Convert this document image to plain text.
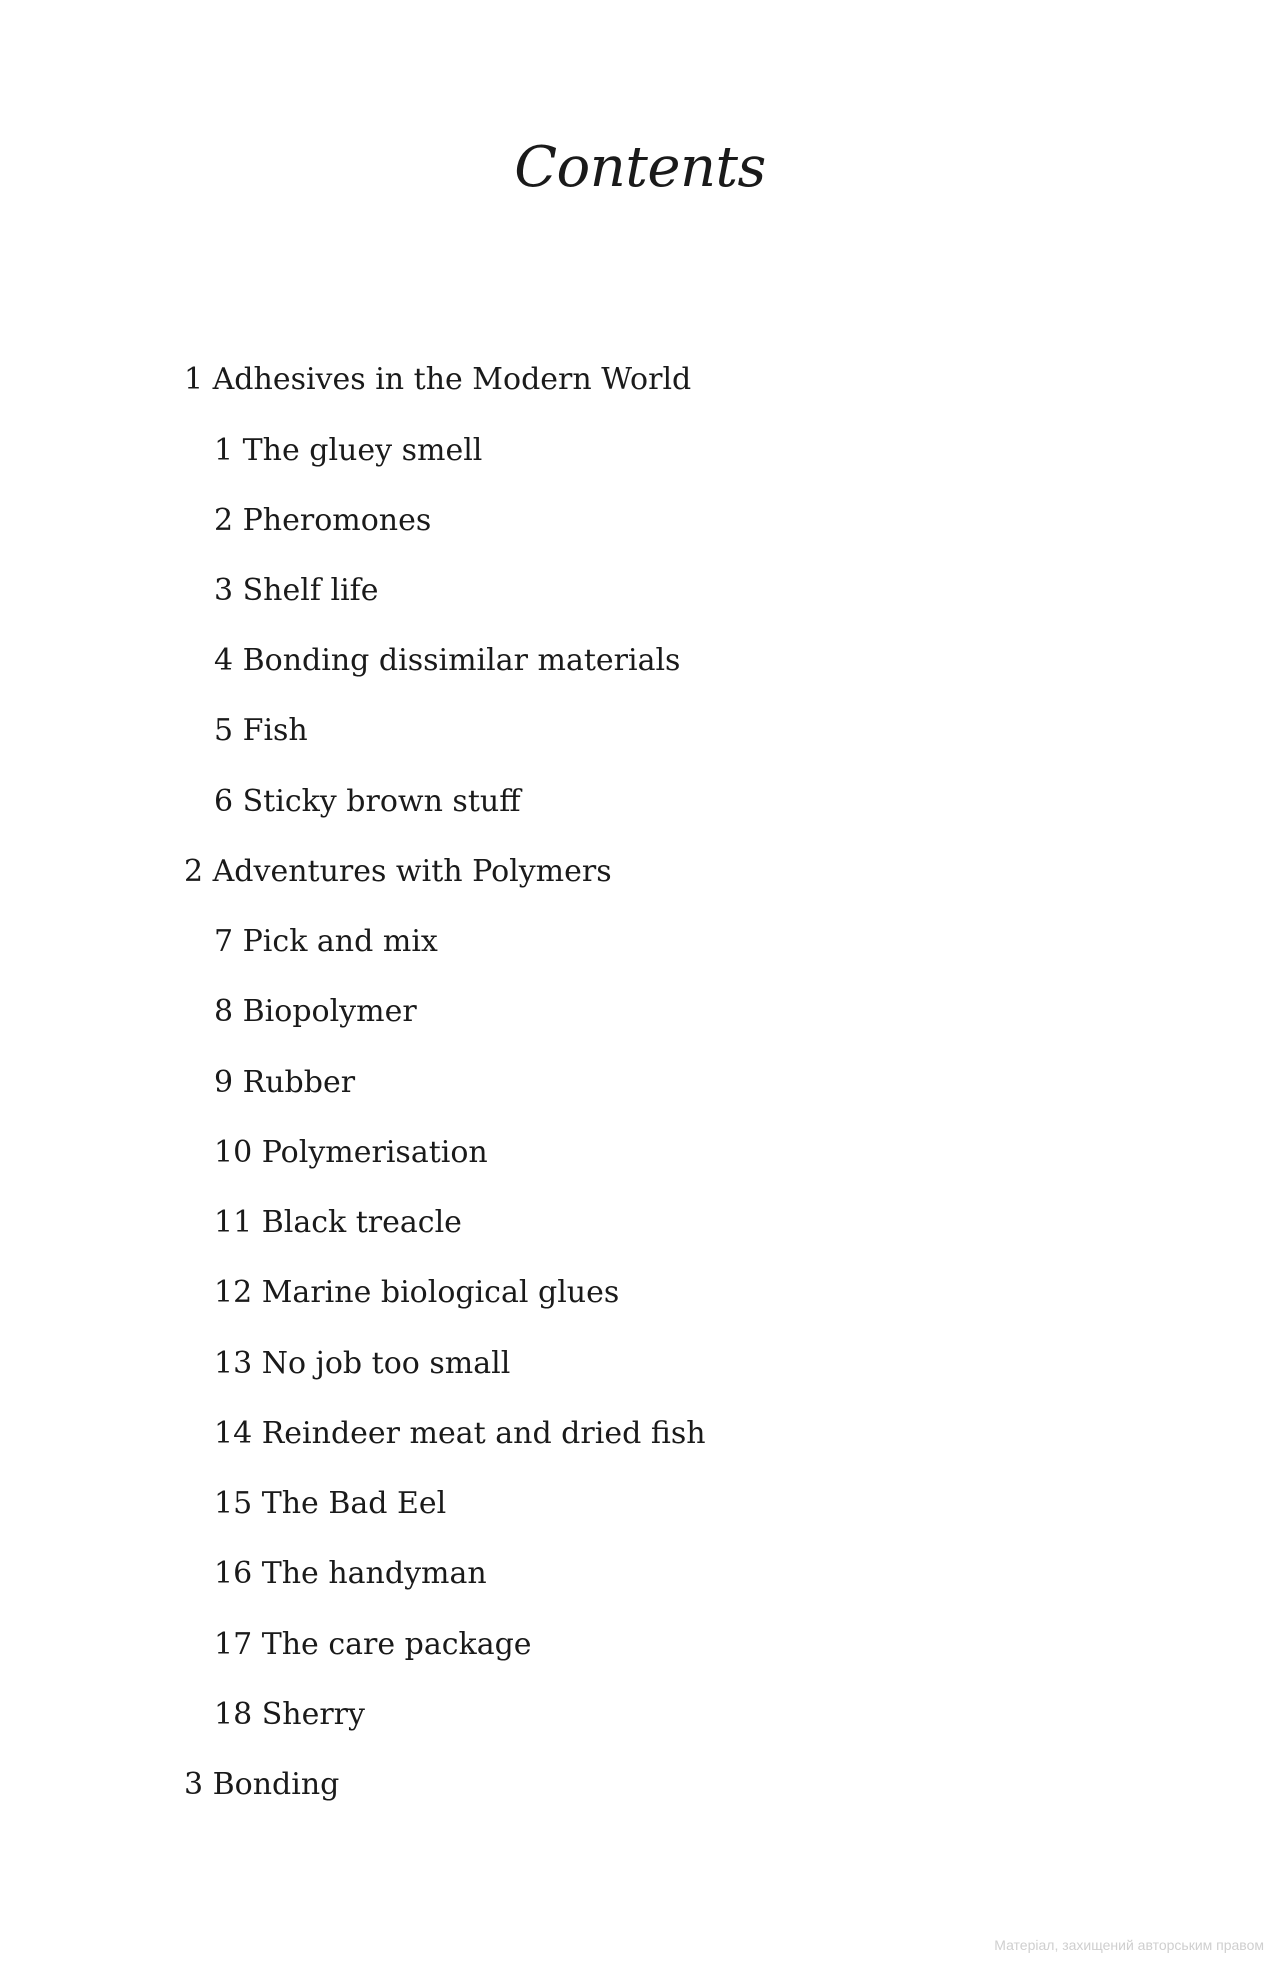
Contents
1 Adhesives in the Modern World
1 The gluey smell
2 Pheromones
3 Shelf life
4 Bonding dissimilar materials
5 Fish
6 Sticky brown stuff
2 Adventures with Polymers
7 Pick and mix
8 Biopolymer
9 Rubber
10 Polymerisation
11 Black treacle
12 Marine biological glues
13 No job too small
14 Reindeer meat and dried fish
15 The Bad Eel
16 The handyman
17 The care package
18 Sherry
3 Bonding
Матеріал, захищений авторським правом
